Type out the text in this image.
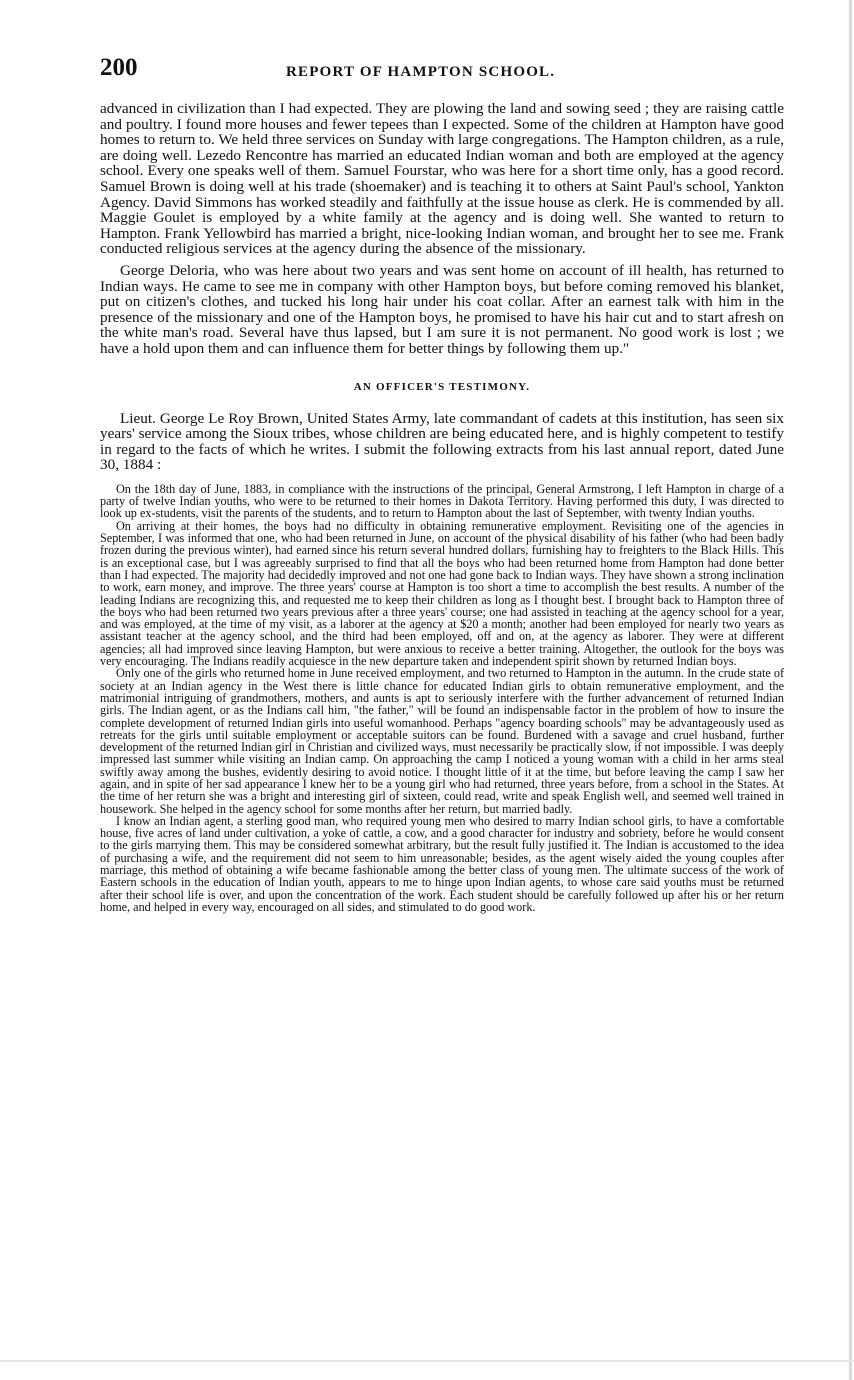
200	REPORT OF HAMPTON SCHOOL.

advanced in civilization than I had expected. They are plowing the land and sowing seed ; they are raising cattle and poultry. I found more houses and fewer tepees than I expected. Some of the children at Hampton have good homes to return to. We held three services on Sunday with large congregations. The Hampton children, as a rule, are doing well. Lezedo Rencontre has married an educated Indian woman and both are employed at the agency school. Every one speaks well of them. Samuel Fourstar, who was here for a short time only, has a good record. Samuel Brown is doing well at his trade (shoemaker) and is teaching it to others at Saint Paul's school, Yankton Agency. David Simmons has worked steadily and faithfully at the issue house as clerk. He is commended by all. Maggie Goulet is employed by a white family at the agency and is doing well. She wanted to return to Hampton. Frank Yellowbird has married a bright, nice-looking Indian woman, and brought her to see me. Frank conducted religious services at the agency during the absence of the missionary.

George Deloria, who was here about two years and was sent home on account of ill health, has returned to Indian ways. He came to see me in company with other Hampton boys, but before coming removed his blanket, put on citizen's clothes, and tucked his long hair under his coat collar. After an earnest talk with him in the presence of the missionary and one of the Hampton boys, he promised to have his hair cut and to start afresh on the white man's road. Several have thus lapsed, but I am sure it is not permanent. No good work is lost ; we have a hold upon them and can influence them for better things by following them up."

AN OFFICER'S TESTIMONY.

Lieut. George Le Roy Brown, United States Army, late commandant of cadets at this institution, has seen six years' service among the Sioux tribes, whose children are being educated here, and is highly competent to testify in regard to the facts of which he writes. I submit the following extracts from his last annual report, dated June 30, 1884 :

On the 18th day of June, 1883, in compliance with the instructions of the principal, General Armstrong, I left Hampton in charge of a party of twelve Indian youths, who were to be returned to their homes in Dakota Territory. Having performed this duty, I was directed to look up ex-students, visit the parents of the students, and to return to Hampton about the last of September, with twenty Indian youths.

On arriving at their homes, the boys had no difficulty in obtaining remunerative employment. Revisiting one of the agencies in September, I was informed that one, who had been returned in June, on account of the physical disability of his father (who had been badly frozen during the previous winter), had earned since his return several hundred dollars, furnishing hay to freighters to the Black Hills. This is an exceptional case, but I was agreeably surprised to find that all the boys who had been returned home from Hampton had done better than I had expected. The majority had decidedly improved and not one had gone back to Indian ways. They have shown a strong inclination to work, earn money, and improve. The three years' course at Hampton is too short a time to accomplish the best results. A number of the leading Indians are recognizing this, and requested me to keep their children as long as I thought best. I brought back to Hampton three of the boys who had been returned two years previous after a three years' course; one had assisted in teaching at the agency school for a year, and was employed, at the time of my visit, as a laborer at the agency at $20 a month; another had been employed for nearly two years as assistant teacher at the agency school, and the third had been employed, off and on, at the agency as laborer. They were at different agencies; all had improved since leaving Hampton, but were anxious to receive a better training. Altogether, the outlook for the boys was very encouraging. The Indians readily acquiesce in the new departure taken and independent spirit shown by returned Indian boys.

Only one of the girls who returned home in June received employment, and two returned to Hampton in the autumn. In the crude state of society at an Indian agency in the West there is little chance for educated Indian girls to obtain remunerative employment, and the matrimonial intriguing of grandmothers, mothers, and aunts is apt to seriously interfere with the further advancement of returned Indian girls. The Indian agent, or as the Indians call him, "the father," will be found an indispensable factor in the problem of how to insure the complete development of returned Indian girls into useful womanhood. Perhaps "agency boarding schools" may be advantageously used as retreats for the girls until suitable employment or acceptable suitors can be found. Burdened with a savage and cruel husband, further development of the returned Indian girl in Christian and civilized ways, must necessarily be practically slow, if not impossible. I was deeply impressed last summer while visiting an Indian camp. On approaching the camp I noticed a young woman with a child in her arms steal swiftly away among the bushes, evidently desiring to avoid notice. I thought little of it at the time, but before leaving the camp I saw her again, and in spite of her sad appearance I knew her to be a young girl who had returned, three years before, from a school in the States. At the time of her return she was a bright and interesting girl of sixteen, could read, write and speak English well, and seemed well trained in housework. She helped in the agency school for some months after her return, but married badly.

I know an Indian agent, a sterling good man, who required young men who desired to marry Indian school girls, to have a comfortable house, five acres of land under cultivation, a yoke of cattle, a cow, and a good character for industry and sobriety, before he would consent to the girls marrying them. This may be considered somewhat arbitrary, but the result fully justified it. The Indian is accustomed to the idea of purchasing a wife, and the requirement did not seem to him unreasonable; besides, as the agent wisely aided the young couples after marriage, this method of obtaining a wife became fashionable among the better class of young men. The ultimate success of the work of Eastern schools in the education of Indian youth, appears to me to hinge upon Indian agents, to whose care said youths must be returned after their school life is over, and upon the concentration of the work. Each student should be carefully followed up after his or her return home, and helped in every way, encouraged on all sides, and stimulated to do good work.
